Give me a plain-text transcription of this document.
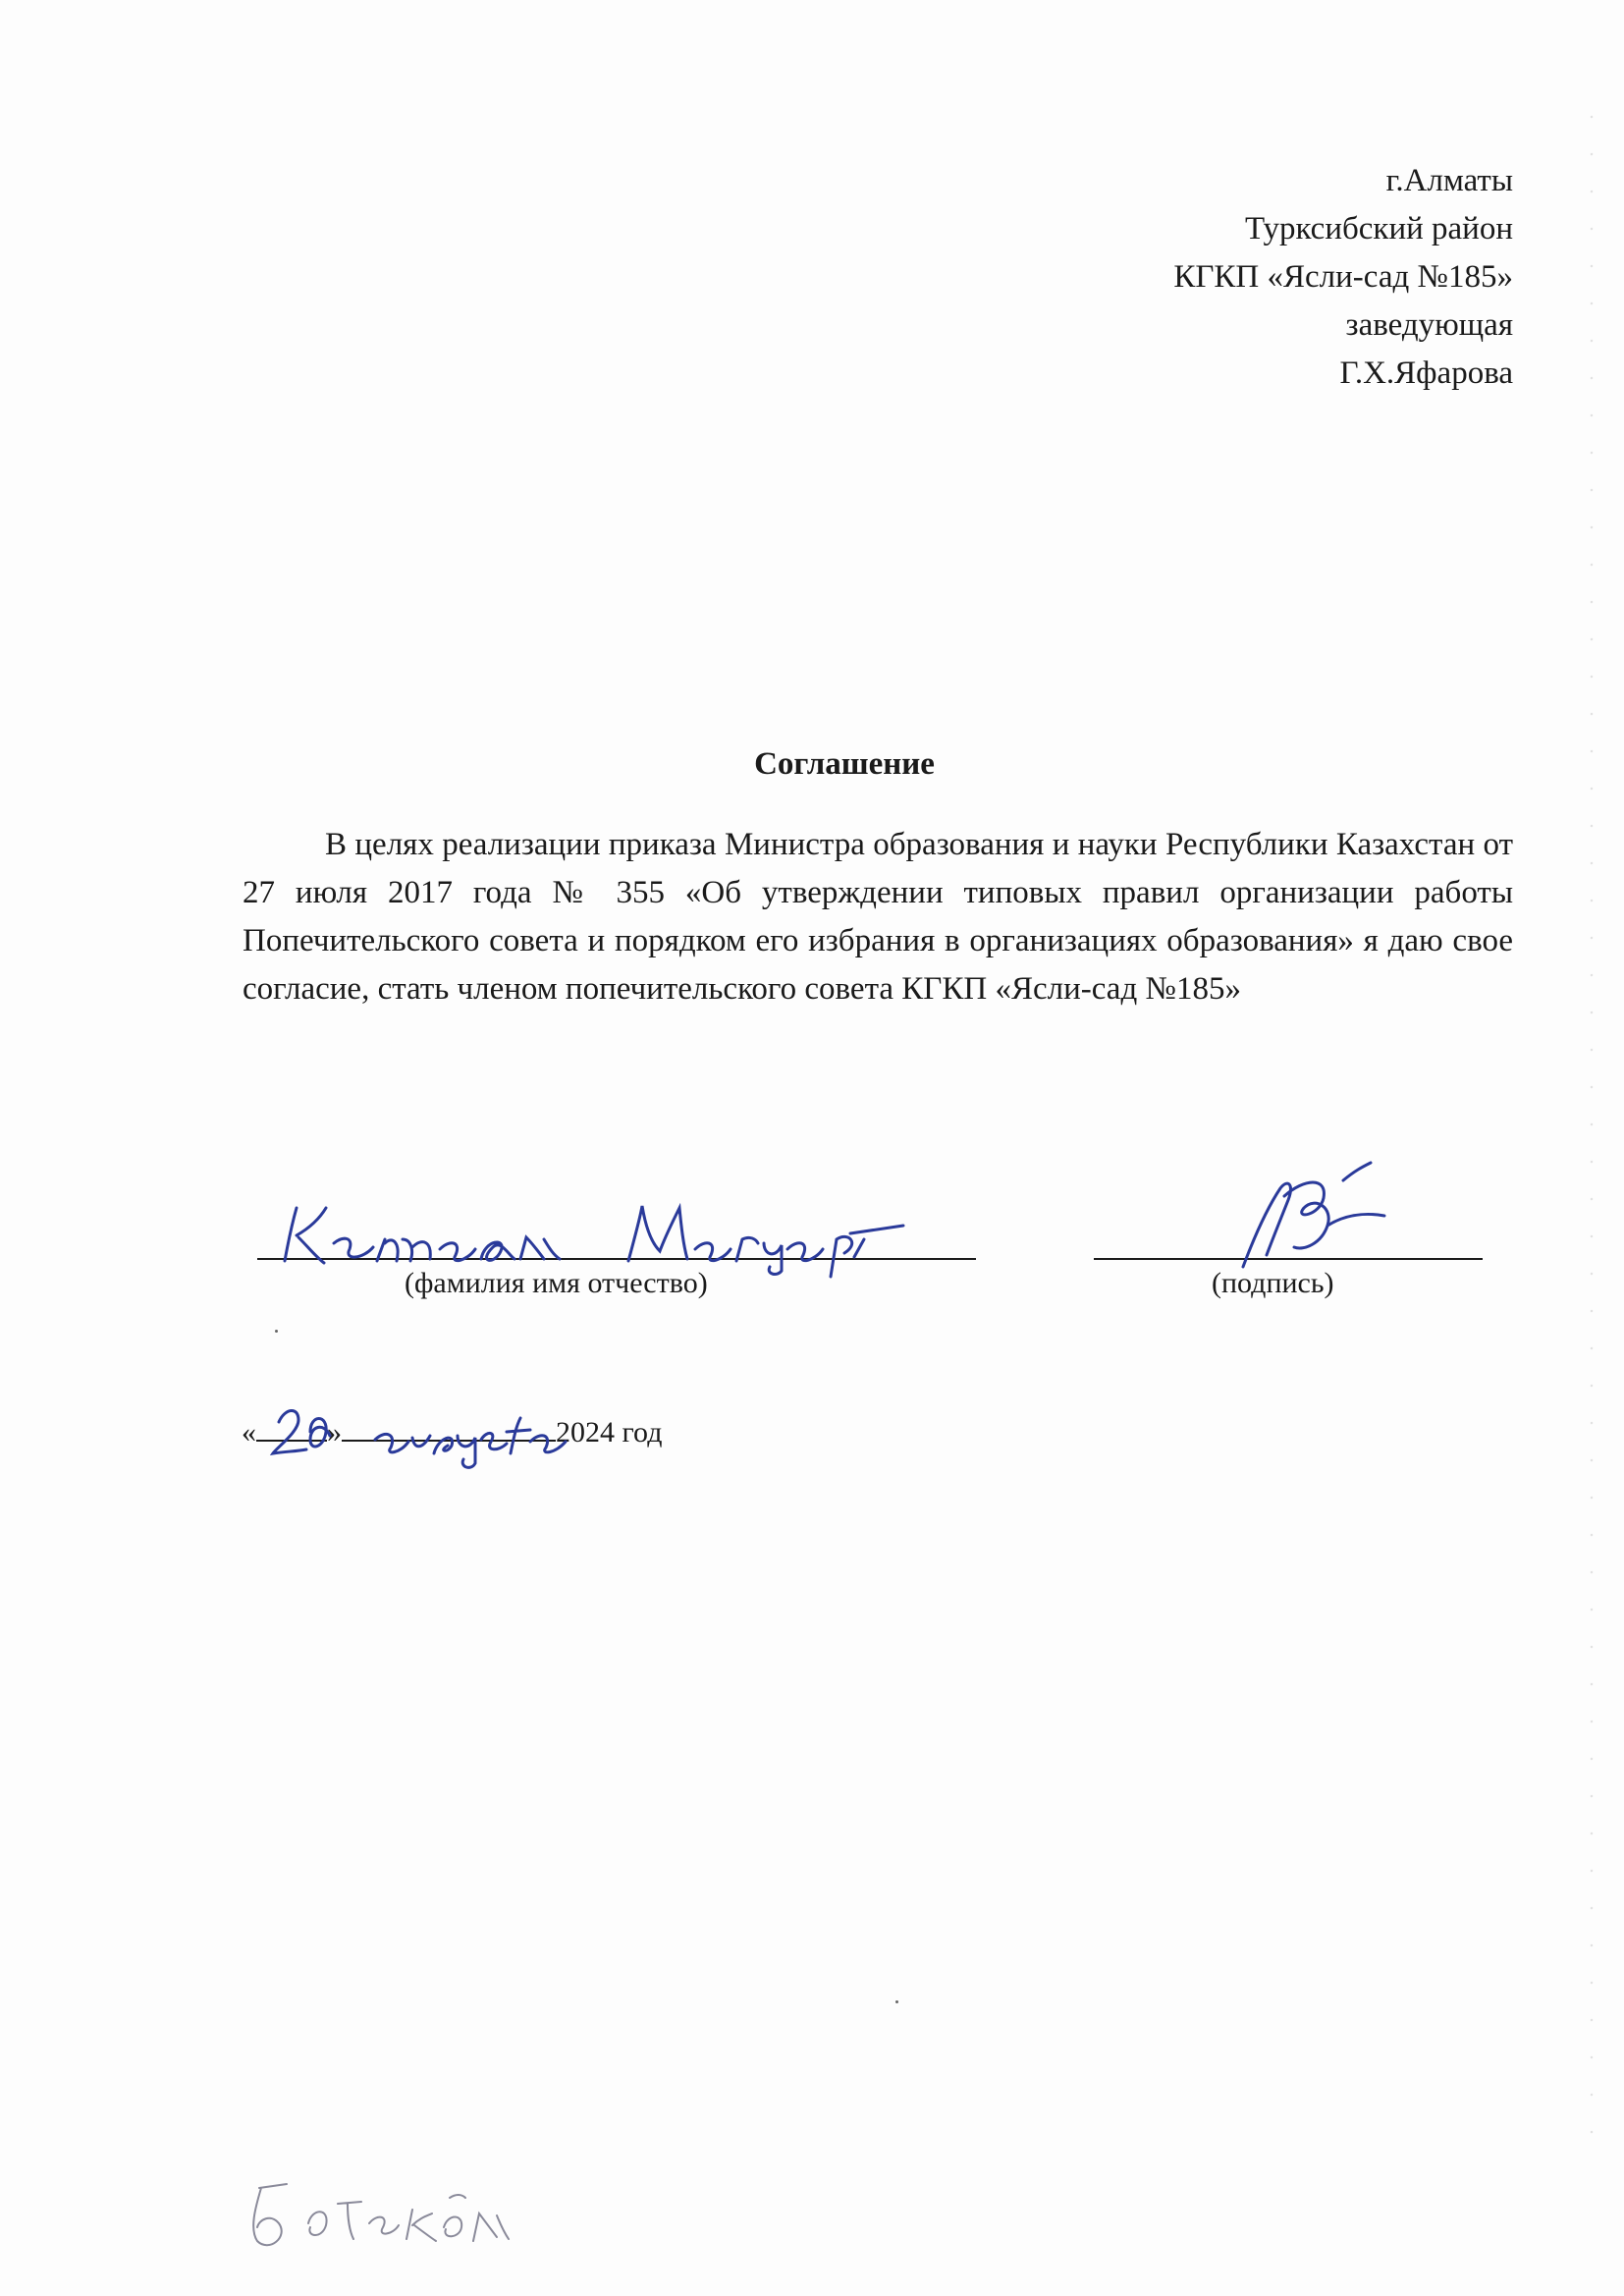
г.Алматы
Турксибский район
КГКП «Ясли-сад №185»
заведующая
Г.Х.Яфарова
Соглашение
В целях реализации приказа Министра образования и науки Республики Казахстан от 27 июля 2017 года № 355 «Об утверждении типовых правил организации работы Попечительского совета и порядком его избрания в организациях образования» я даю свое согласие, стать членом попечительского совета КГКП «Ясли-сад №185»
(фамилия имя отчество)	(подпись)
« »	2024 год
